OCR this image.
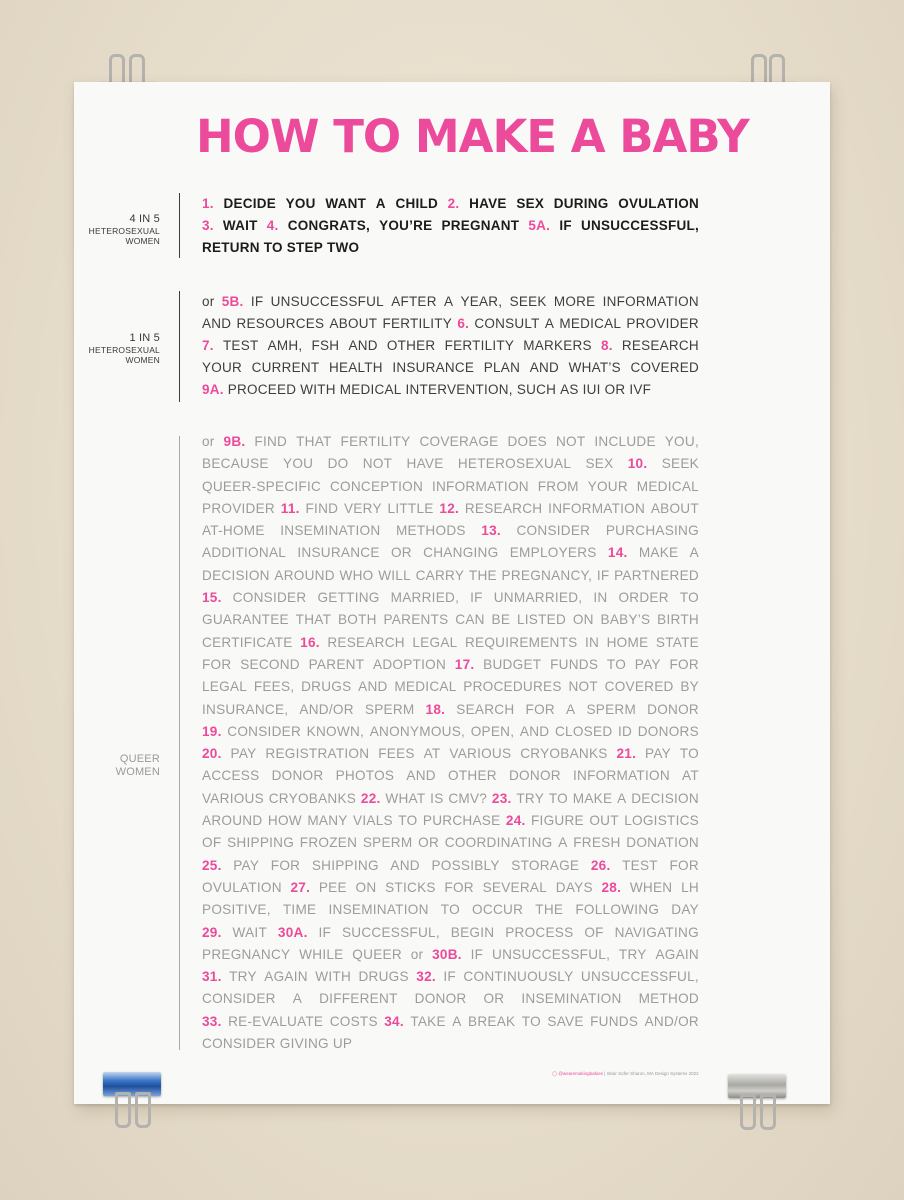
HOW TO MAKE A BABY
4 IN 5
HETEROSEXUAL
WOMEN
1. DECIDE YOU WANT A CHILD 2. HAVE SEX DURING OVULATION
3. WAIT 4. CONGRATS, YOU’RE PREGNANT 5A. IF UNSUCCESSFUL,
RETURN TO STEP TWO
1 IN 5
HETEROSEXUAL
WOMEN
or 5B. IF UNSUCCESSFUL AFTER A YEAR, SEEK MORE INFORMATION
AND RESOURCES ABOUT FERTILITY 6. CONSULT A MEDICAL PROVIDER
7. TEST AMH, FSH AND OTHER FERTILITY MARKERS 8. RESEARCH
YOUR CURRENT HEALTH INSURANCE PLAN AND WHAT’S COVERED
9A. PROCEED WITH MEDICAL INTERVENTION, SUCH AS IUI OR IVF
QUEER
WOMEN
or 9B. FIND THAT FERTILITY COVERAGE DOES NOT INCLUDE YOU,
BECAUSE YOU DO NOT HAVE HETEROSEXUAL SEX 10. SEEK
QUEER-SPECIFIC CONCEPTION INFORMATION FROM YOUR MEDICAL
PROVIDER 11. FIND VERY LITTLE 12. RESEARCH INFORMATION ABOUT
AT-HOME INSEMINATION METHODS 13. CONSIDER PURCHASING
ADDITIONAL INSURANCE OR CHANGING EMPLOYERS 14. MAKE A
DECISION AROUND WHO WILL CARRY THE PREGNANCY, IF PARTNERED
15. CONSIDER GETTING MARRIED, IF UNMARRIED, IN ORDER TO
GUARANTEE THAT BOTH PARENTS CAN BE LISTED ON BABY’S BIRTH
CERTIFICATE 16. RESEARCH LEGAL REQUIREMENTS IN HOME STATE
FOR SECOND PARENT ADOPTION 17. BUDGET FUNDS TO PAY FOR
LEGAL FEES, DRUGS AND MEDICAL PROCEDURES NOT COVERED BY
INSURANCE, AND/OR SPERM 18. SEARCH FOR A SPERM DONOR
19. CONSIDER KNOWN, ANONYMOUS, OPEN, AND CLOSED ID DONORS
20. PAY REGISTRATION FEES AT VARIOUS CRYOBANKS 21. PAY TO
ACCESS DONOR PHOTOS AND OTHER DONOR INFORMATION AT
VARIOUS CRYOBANKS 22. WHAT IS CMV? 23. TRY TO MAKE A DECISION
AROUND HOW MANY VIALS TO PURCHASE 24. FIGURE OUT LOGISTICS
OF SHIPPING FROZEN SPERM OR COORDINATING A FRESH DONATION
25. PAY FOR SHIPPING AND POSSIBLY STORAGE 26. TEST FOR
OVULATION 27. PEE ON STICKS FOR SEVERAL DAYS 28. WHEN LH
POSITIVE, TIME INSEMINATION TO OCCUR THE FOLLOWING DAY
29. WAIT 30A. IF SUCCESSFUL, BEGIN PROCESS OF NAVIGATING
PREGNANCY WHILE QUEER or 30B. IF UNSUCCESSFUL, TRY AGAIN
31. TRY AGAIN WITH DRUGS 32. IF CONTINUOUSLY UNSUCCESSFUL,
CONSIDER A DIFFERENT DONOR OR INSEMINATION METHOD
33. RE-EVALUATE COSTS 34. TAKE A BREAK TO SAVE FUNDS AND/OR
CONSIDER GIVING UP
◯ @wearemakingbabies | Inbar Sofer Sharon, MA Design Systems 2022
